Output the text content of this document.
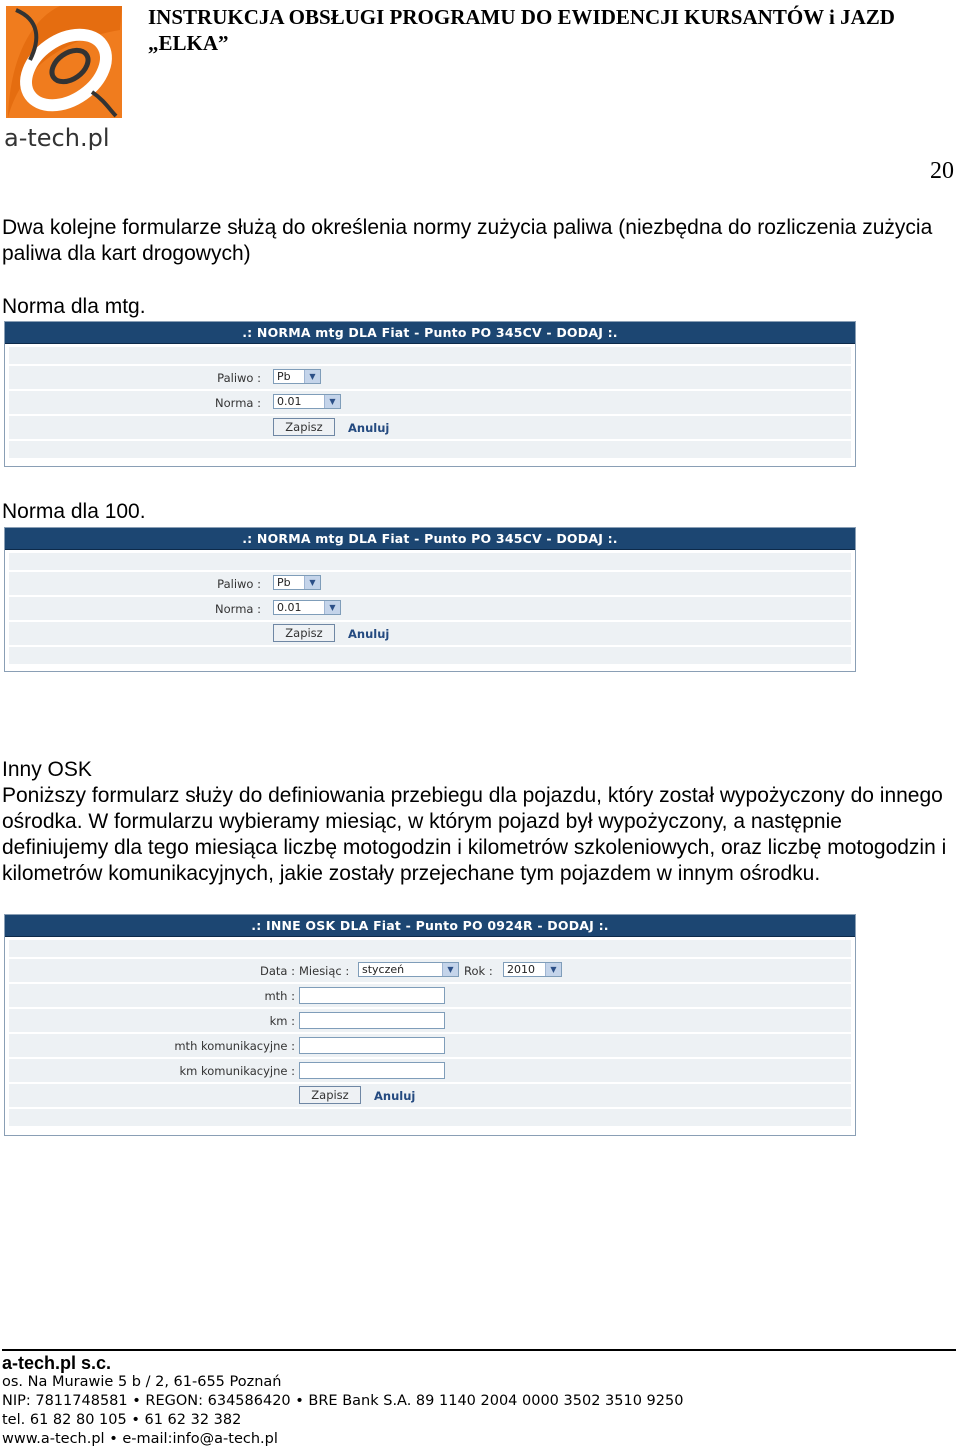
a-tech.pl
INSTRUKCJA OBSŁUGI PROGRAMU DO EWIDENCJI KURSANTÓW i JAZD
„ELKA”
20
Dwa kolejne formularze służą do określenia normy zużycia paliwa (niezbędna do rozliczenia zużycia paliwa dla kart drogowych)
Norma dla mtg.
.: NORMA mtg DLA Fiat - Punto PO 345CV - DODAJ :.
Paliwo :	Pb	▼
Norma :	0.01	▼
Zapisz	Anuluj
Norma dla 100.
.: NORMA mtg DLA Fiat - Punto PO 345CV - DODAJ :.
Paliwo :	Pb	▼
Norma :	0.01	▼
Zapisz	Anuluj
Inny OSK
Poniższy formularz służy do definiowania przebiegu dla pojazdu, który został wypożyczony do innego ośrodka. W formularzu wybieramy miesiąc, w którym pojazd był wypożyczony, a następnie definiujemy dla tego miesiąca liczbę motogodzin i kilometrów szkoleniowych, oraz liczbę motogodzin i kilometrów komunikacyjnych, jakie zostały przejechane tym pojazdem w innym ośrodku.
.: INNE OSK DLA Fiat - Punto PO 0924R - DODAJ :.
Data : Miesiąc :	styczeń	▼ Rok :	2010	▼
mth :
km :
mth komunikacyjne :
km komunikacyjne :
Zapisz	Anuluj
a-tech.pl s.c.
os. Na Murawie 5 b / 2, 61-655 Poznań
NIP: 7811748581 • REGON: 634586420 • BRE Bank S.A. 89 1140 2004 0000 3502 3510 9250
tel. 61 82 80 105 • 61 62 32 382
www.a-tech.pl • e-mail:info@a-tech.pl
